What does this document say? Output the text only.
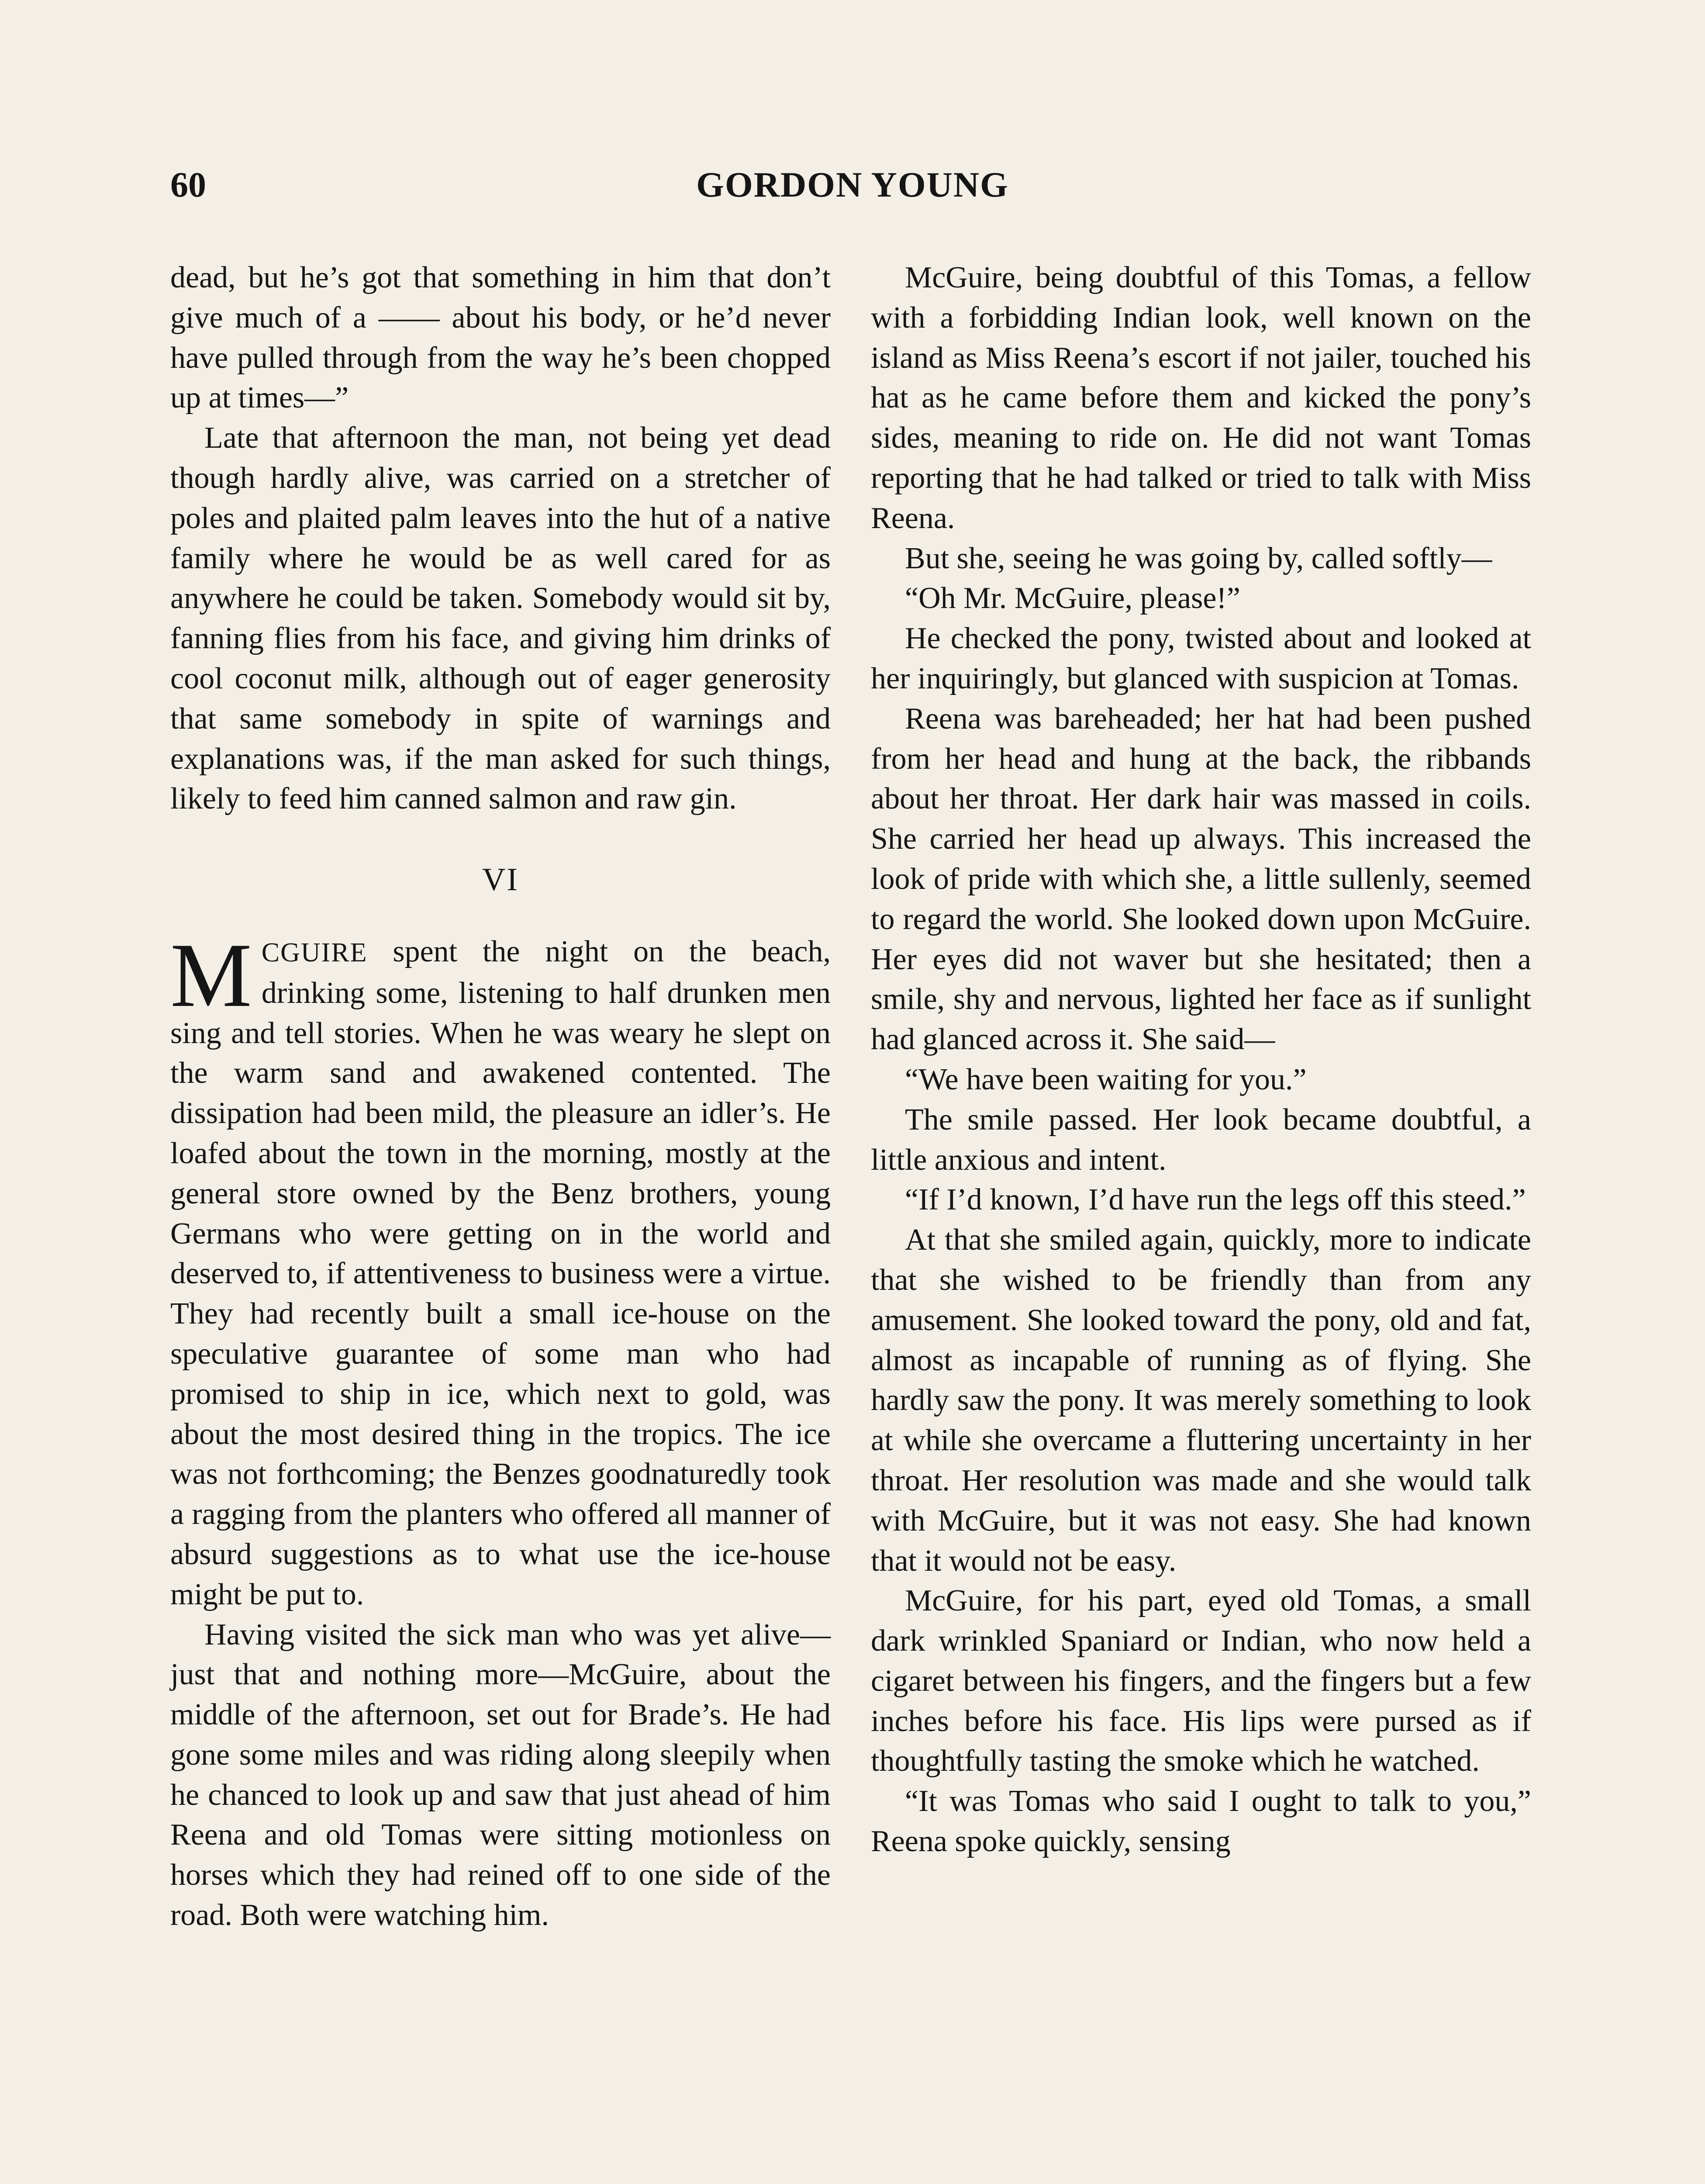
60	GORDON YOUNG

dead, but he’s got that something in him that don’t give much of a —— about his body, or he’d never have pulled through from the way he’s been chopped up at times—”

Late that afternoon the man, not being yet dead though hardly alive, was carried on a stretcher of poles and plaited palm leaves into the hut of a native family where he would be as well cared for as anywhere he could be taken. Somebody would sit by, fanning flies from his face, and giving him drinks of cool coconut milk, although out of eager generosity that same somebody in spite of warnings and explanations was, if the man asked for such things, likely to feed him canned salmon and raw gin.

VI

MCGUIRE spent the night on the beach, drinking some, listening to half drunken men sing and tell stories. When he was weary he slept on the warm sand and awakened contented. The dissipation had been mild, the pleasure an idler’s. He loafed about the town in the morning, mostly at the general store owned by the Benz brothers, young Germans who were getting on in the world and deserved to, if attentiveness to business were a virtue. They had recently built a small ice-house on the speculative guarantee of some man who had promised to ship in ice, which next to gold, was about the most desired thing in the tropics. The ice was not forthcoming; the Benzes goodnaturedly took a ragging from the planters who offered all manner of absurd suggestions as to what use the ice-house might be put to.

Having visited the sick man who was yet alive—just that and nothing more—McGuire, about the middle of the afternoon, set out for Brade’s. He had gone some miles and was riding along sleepily when he chanced to look up and saw that just ahead of him Reena and old Tomas were sitting motionless on horses which they had reined off to one side of the road. Both were watching him.

McGuire, being doubtful of this Tomas, a fellow with a forbidding Indian look, well known on the island as Miss Reena’s escort if not jailer, touched his hat as he came before them and kicked the pony’s sides, meaning to ride on. He did not want Tomas reporting that he had talked or tried to talk with Miss Reena.

But she, seeing he was going by, called softly—

“Oh Mr. McGuire, please!”

He checked the pony, twisted about and looked at her inquiringly, but glanced with suspicion at Tomas.

Reena was bareheaded; her hat had been pushed from her head and hung at the back, the ribbands about her throat. Her dark hair was massed in coils. She carried her head up always. This increased the look of pride with which she, a little sullenly, seemed to regard the world. She looked down upon McGuire. Her eyes did not waver but she hesitated; then a smile, shy and nervous, lighted her face as if sunlight had glanced across it. She said—

“We have been waiting for you.”

The smile passed. Her look became doubtful, a little anxious and intent.

“If I’d known, I’d have run the legs off this steed.”

At that she smiled again, quickly, more to indicate that she wished to be friendly than from any amusement. She looked toward the pony, old and fat, almost as incapable of running as of flying. She hardly saw the pony. It was merely something to look at while she overcame a fluttering uncertainty in her throat. Her resolution was made and she would talk with McGuire, but it was not easy. She had known that it would not be easy.

McGuire, for his part, eyed old Tomas, a small dark wrinkled Spaniard or Indian, who now held a cigaret between his fingers, and the fingers but a few inches before his face. His lips were pursed as if thoughtfully tasting the smoke which he watched.

“It was Tomas who said I ought to talk to you,” Reena spoke quickly, sensing
